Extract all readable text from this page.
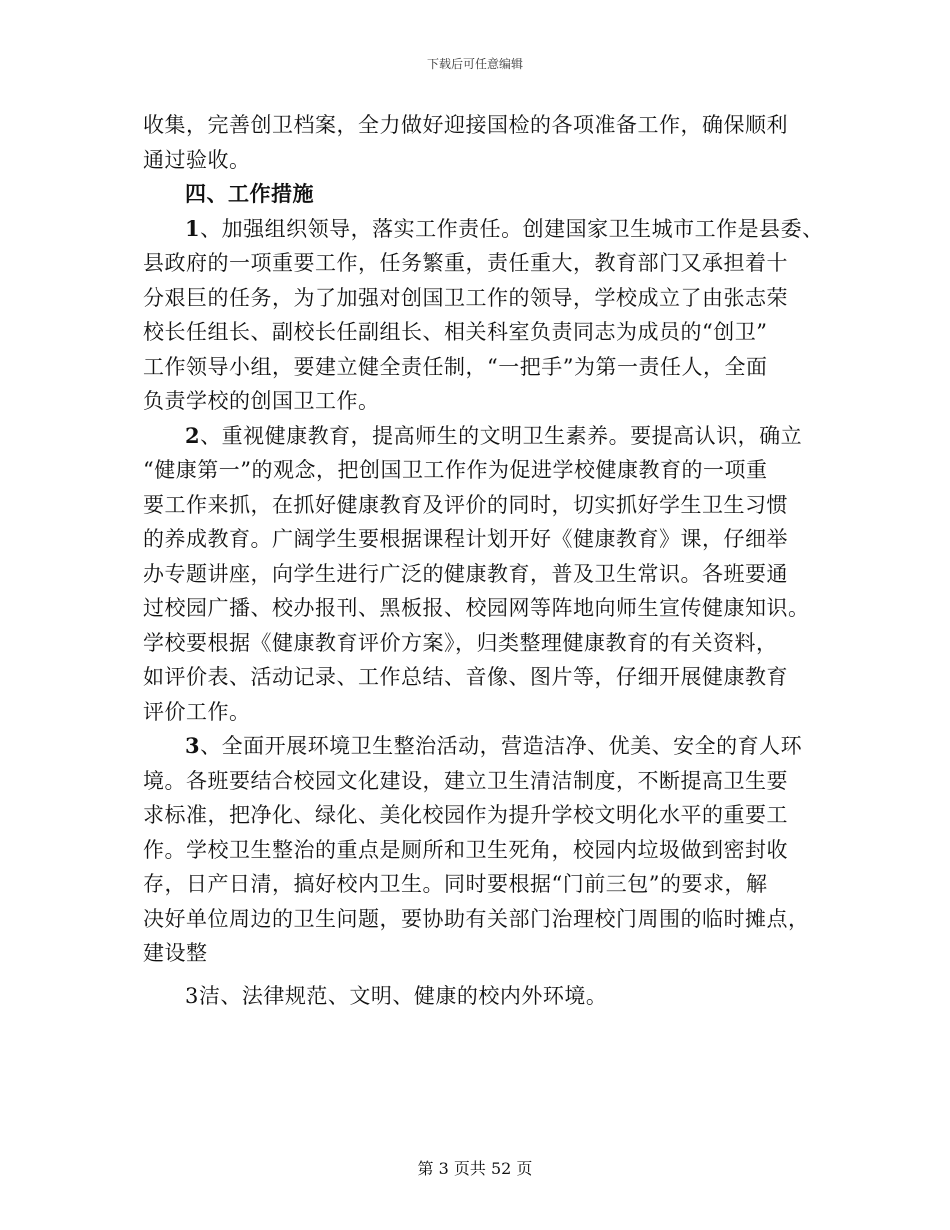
下载后可任意编辑
收集，完善创卫档案，全力做好迎接国检的各项准备工作，确保顺利
通过验收。
四、工作措施
1、加强组织领导，落实工作责任。创建国家卫生城市工作是县委、
县政府的一项重要工作，任务繁重，责任重大，教育部门又承担着十
分艰巨的任务，为了加强对创国卫工作的领导，学校成立了由张志荣
校长任组长、副校长任副组长、相关科室负责同志为成员的“创卫”
工作领导小组，要建立健全责任制，“一把手”为第一责任人，全面
负责学校的创国卫工作。
2、重视健康教育，提高师生的文明卫生素养。要提高认识，确立
“健康第一”的观念，把创国卫工作作为促进学校健康教育的一项重
要工作来抓，在抓好健康教育及评价的同时，切实抓好学生卫生习惯
的养成教育。广阔学生要根据课程计划开好《健康教育》课，仔细举
办专题讲座，向学生进行广泛的健康教育，普及卫生常识。各班要通
过校园广播、校办报刊、黑板报、校园网等阵地向师生宣传健康知识。
学校要根据《健康教育评价方案》，归类整理健康教育的有关资料，
如评价表、活动记录、工作总结、音像、图片等，仔细开展健康教育
评价工作。
3、全面开展环境卫生整治活动，营造洁净、优美、安全的育人环
境。各班要结合校园文化建设，建立卫生清洁制度，不断提高卫生要
求标准，把净化、绿化、美化校园作为提升学校文明化水平的重要工
作。学校卫生整治的重点是厕所和卫生死角，校园内垃圾做到密封收
存，日产日清，搞好校内卫生。同时要根据“门前三包”的要求，解
决好单位周边的卫生问题，要协助有关部门治理校门周围的临时摊点，
建设整
3洁、法律规范、文明、健康的校内外环境。
第 3 页共 52 页
